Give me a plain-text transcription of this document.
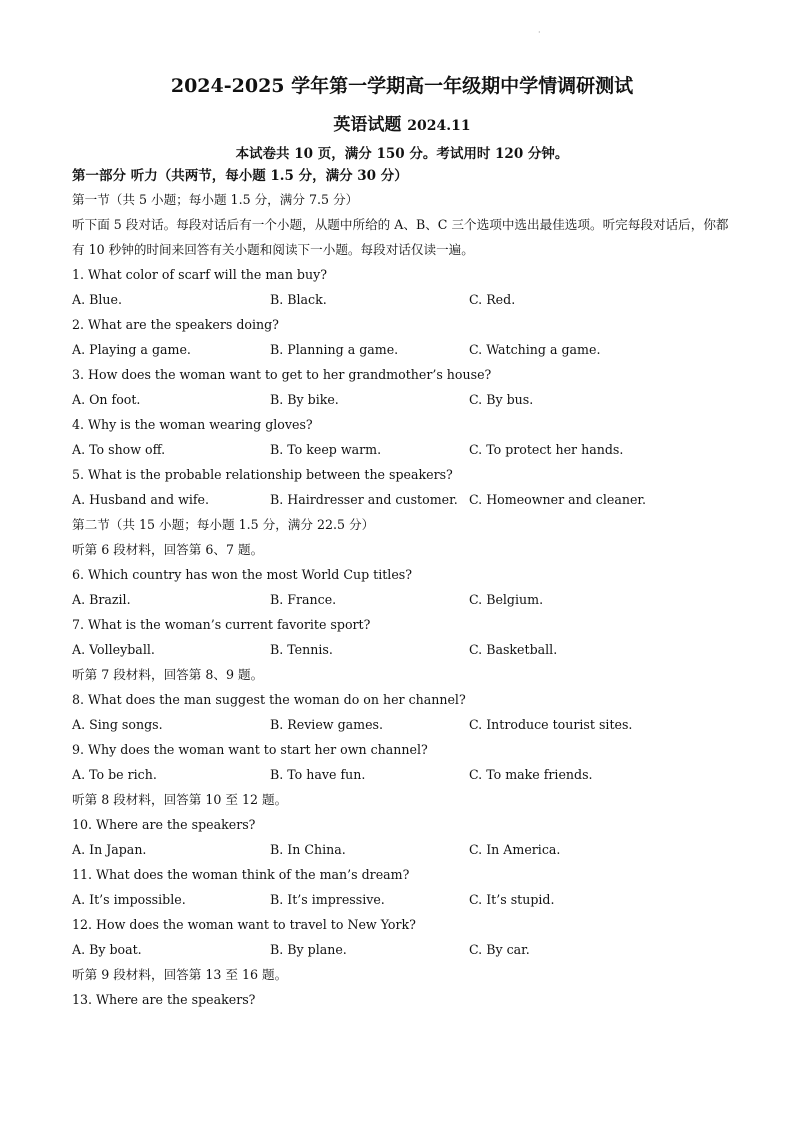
·
2024-2025 学年第一学期高一年级期中学情调研测试
英语试题 2024.11
本试卷共 10 页，满分 150 分。考试用时 120 分钟。
第一部分 听力（共两节，每小题 1.5 分，满分 30 分）
第一节（共 5 小题；每小题 1.5 分，满分 7.5 分）
听下面 5 段对话。每段对话后有一个小题，从题中所给的 A、B、C 三个选项中选出最佳选项。听完每段对话后，你都有 10 秒钟的时间来回答有关小题和阅读下一小题。每段对话仅读一遍。
1. What color of scarf will the man buy?
A. Blue.	B. Black.	C. Red.
2. What are the speakers doing?
A. Playing a game.	B. Planning a game.	C. Watching a game.
3. How does the woman want to get to her grandmother’s house?
A. On foot.	B. By bike.	C. By bus.
4. Why is the woman wearing gloves?
A. To show off.	B. To keep warm.	C. To protect her hands.
5. What is the probable relationship between the speakers?
A. Husband and wife.	B. Hairdresser and customer. C. Homeowner and cleaner.
第二节（共 15 小题；每小题 1.5 分，满分 22.5 分）
听第 6 段材料，回答第 6、7 题。
6. Which country has won the most World Cup titles?
A. Brazil.	B. France.	C. Belgium.
7. What is the woman’s current favorite sport?
A. Volleyball.	B. Tennis.	C. Basketball.
听第 7 段材料，回答第 8、9 题。
8. What does the man suggest the woman do on her channel?
A. Sing songs.	B. Review games.	C. Introduce tourist sites.
9. Why does the woman want to start her own channel?
A. To be rich.	B. To have fun.	C. To make friends.
听第 8 段材料，回答第 10 至 12 题。
10. Where are the speakers?
A. In Japan.	B. In China.	C. In America.
11. What does the woman think of the man’s dream?
A. It’s impossible.	B. It’s impressive.	C. It’s stupid.
12. How does the woman want to travel to New York?
A. By boat.	B. By plane.	C. By car.
听第 9 段材料，回答第 13 至 16 题。
13. Where are the speakers?
